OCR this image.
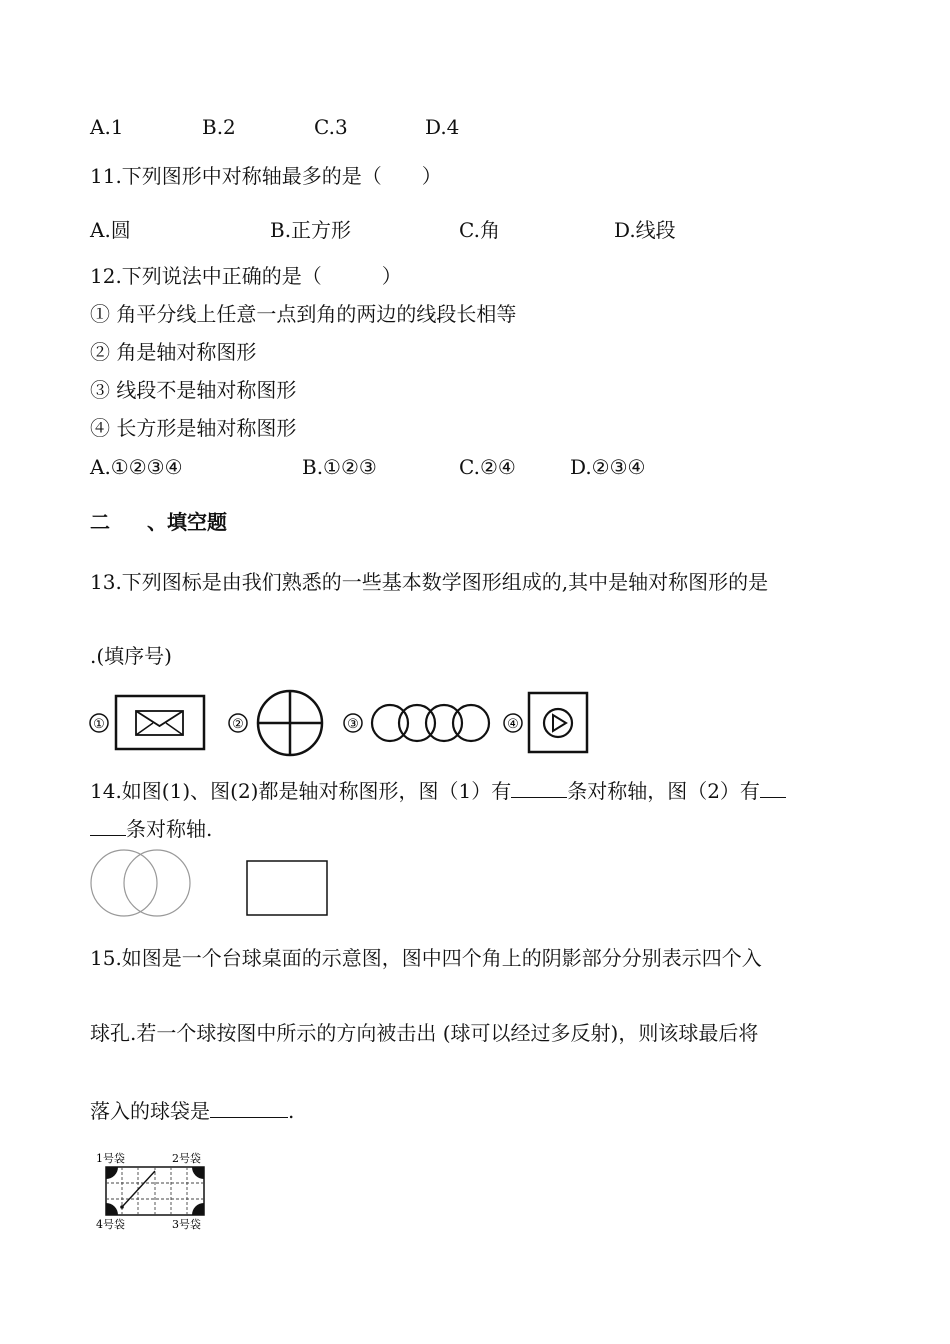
A.1	B.2	C.3	D.4
11.下列图形中对称轴最多的是（　　）
A.圆	B.正方形	C.角	D.线段
12.下列说法中正确的是（　　　）
① 角平分线上任意一点到角的两边的线段长相等
② 角是轴对称图形
③ 线段不是轴对称图形
④ 长方形是轴对称图形
A.①②③④	B.①②③	C.②④	D.②③④
二 、填空题
13.下列图标是由我们熟悉的一些基本数学图形组成的,其中是轴对称图形的是
.(填序号)
①	②	③	④
14.如图(1)、图(2)都是轴对称图形，图（1）有	条对称轴，图（2）有
条对称轴.
15.如图是一个台球桌面的示意图，图中四个角上的阴影部分分别表示四个入
球孔.若一个球按图中所示的方向被击出 (球可以经过多反射)，则该球最后将
落入的球袋是	.
1号袋	2号袋
4号袋	3号袋
